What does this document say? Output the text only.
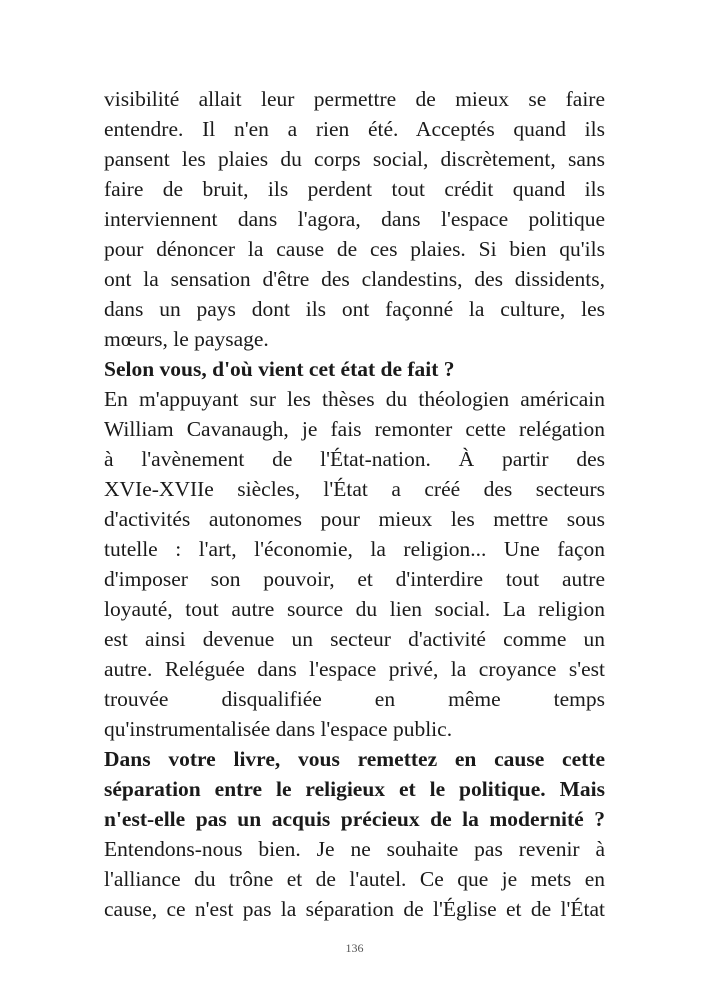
visibilité allait leur permettre de mieux se faire
entendre. Il n'en a rien été. Acceptés quand ils
pansent les plaies du corps social, discrètement, sans
faire de bruit, ils perdent tout crédit quand ils
interviennent dans l'agora, dans l'espace politique
pour dénoncer la cause de ces plaies. Si bien qu'ils
ont la sensation d'être des clandestins, des dissidents,
dans un pays dont ils ont façonné la culture, les
mœurs, le paysage.
Selon vous, d'où vient cet état de fait ?
En m'appuyant sur les thèses du théologien américain
William Cavanaugh, je fais remonter cette relégation
à l'avènement de l'État-nation. À partir des
XVIe-XVIIe siècles, l'État a créé des secteurs
d'activités autonomes pour mieux les mettre sous
tutelle : l'art, l'économie, la religion... Une façon
d'imposer son pouvoir, et d'interdire tout autre
loyauté, tout autre source du lien social. La religion
est ainsi devenue un secteur d'activité comme un
autre. Reléguée dans l'espace privé, la croyance s'est
trouvée disqualifiée en même temps
qu'instrumentalisée dans l'espace public.
Dans votre livre, vous remettez en cause cette
séparation entre le religieux et le politique. Mais
n'est-elle pas un acquis précieux de la modernité ?
Entendons-nous bien. Je ne souhaite pas revenir à
l'alliance du trône et de l'autel. Ce que je mets en
cause, ce n'est pas la séparation de l'Église et de l'État
136
